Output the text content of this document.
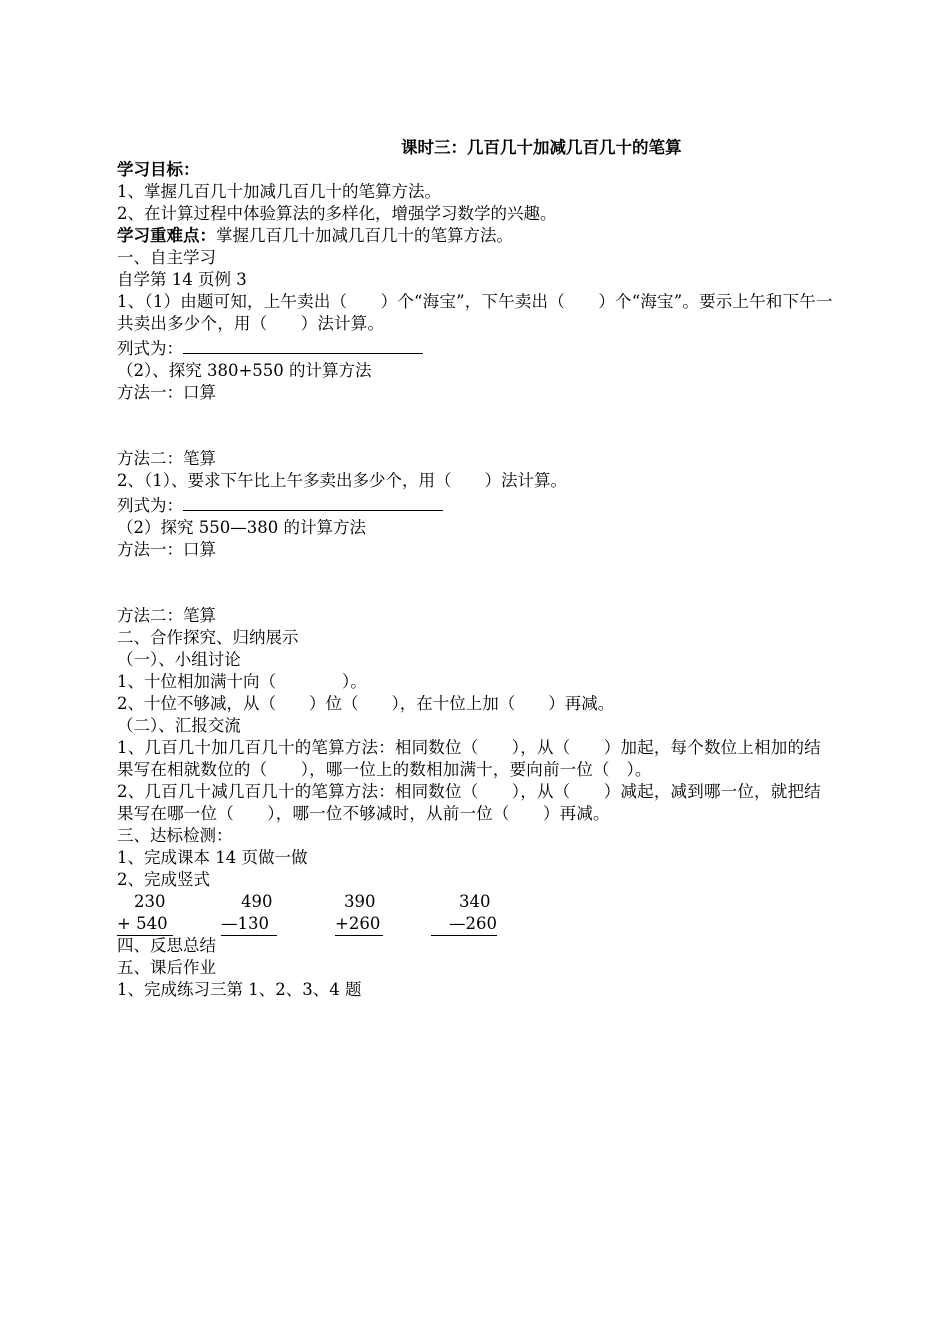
课时三：几百几十加减几百几十的笔算
学习目标：
1、掌握几百几十加减几百几十的笔算方法。
2、在计算过程中体验算法的多样化，增强学习数学的兴趣。
学习重难点：掌握几百几十加减几百几十的笔算方法。
一、自主学习
自学第 14 页例 3
1、（1）由题可知，上午卖出（　　）个“海宝”，下午卖出（　　）个“海宝”。要示上午和下午一共卖出多少个，用（　　）法计算。
列式为：
（2）、探究 380+550 的计算方法
方法一：口算
方法二：笔算
2、（1）、要求下午比上午多卖出多少个，用（　　）法计算。
列式为：
（2）探究 550—380 的计算方法
方法一：口算
方法二：笔算
二、合作探究、归纳展示
（一）、小组讨论
1、十位相加满十向（　　　　）。
2、十位不够减，从（　　）位（　　），在十位上加（　　）再减。
（二）、汇报交流
1、几百几十加几百几十的笔算方法：相同数位（　　），从（　　）加起，每个数位上相加的结果写在相就数位的（　　），哪一位上的数相加满十，要向前一位（　）。
2、几百几十减几百几十的笔算方法：相同数位（　　），从（　　）减起，减到哪一位，就把结果写在哪一位（　　），哪一位不够减时，从前一位（　　）再减。
三、达标检测：
1、完成课本 14 页做一做
2、完成竖式
230	490	390	340
+ 540	—130	+260	—260
四、反思总结
五、课后作业
1、完成练习三第 1、2、3、4 题
